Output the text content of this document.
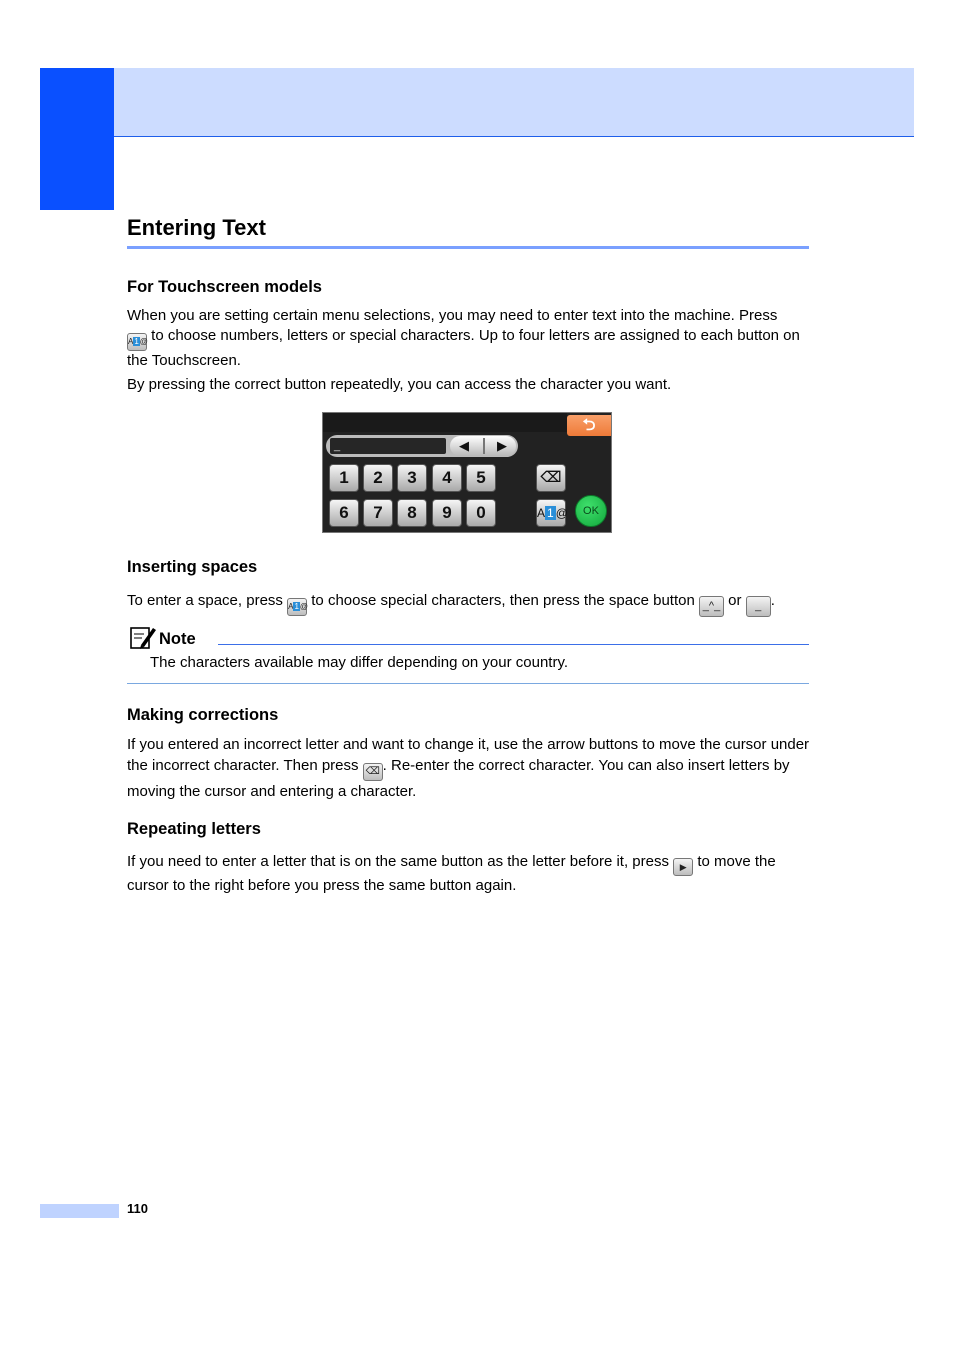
Entering Text
For Touchscreen models

When you are setting certain menu selections, you may need to enter text into the machine. Press
A1@ to choose numbers, letters or special characters. Up to four letters are assigned to each button on the Touchscreen.

By pressing the correct button repeatedly, you can access the character you want.

⮌
_	◀ ▶
1	2	3	4	5
6	7	8	9	0
⌫
A 1 @	OK
Inserting spaces

To enter a space, press A1@ to choose special characters, then press the space button _^_ or _ .

Note
The characters available may differ depending on your country.
Making corrections

If you entered an incorrect letter and want to change it, use the arrow buttons to move the cursor under the incorrect character. Then press ⌫ . Re-enter the correct character. You can also insert letters by moving the cursor and entering a character.

Repeating letters

If you need to enter a letter that is on the same button as the letter before it, press ▶ to move the cursor to the right before you press the same button again.

110
